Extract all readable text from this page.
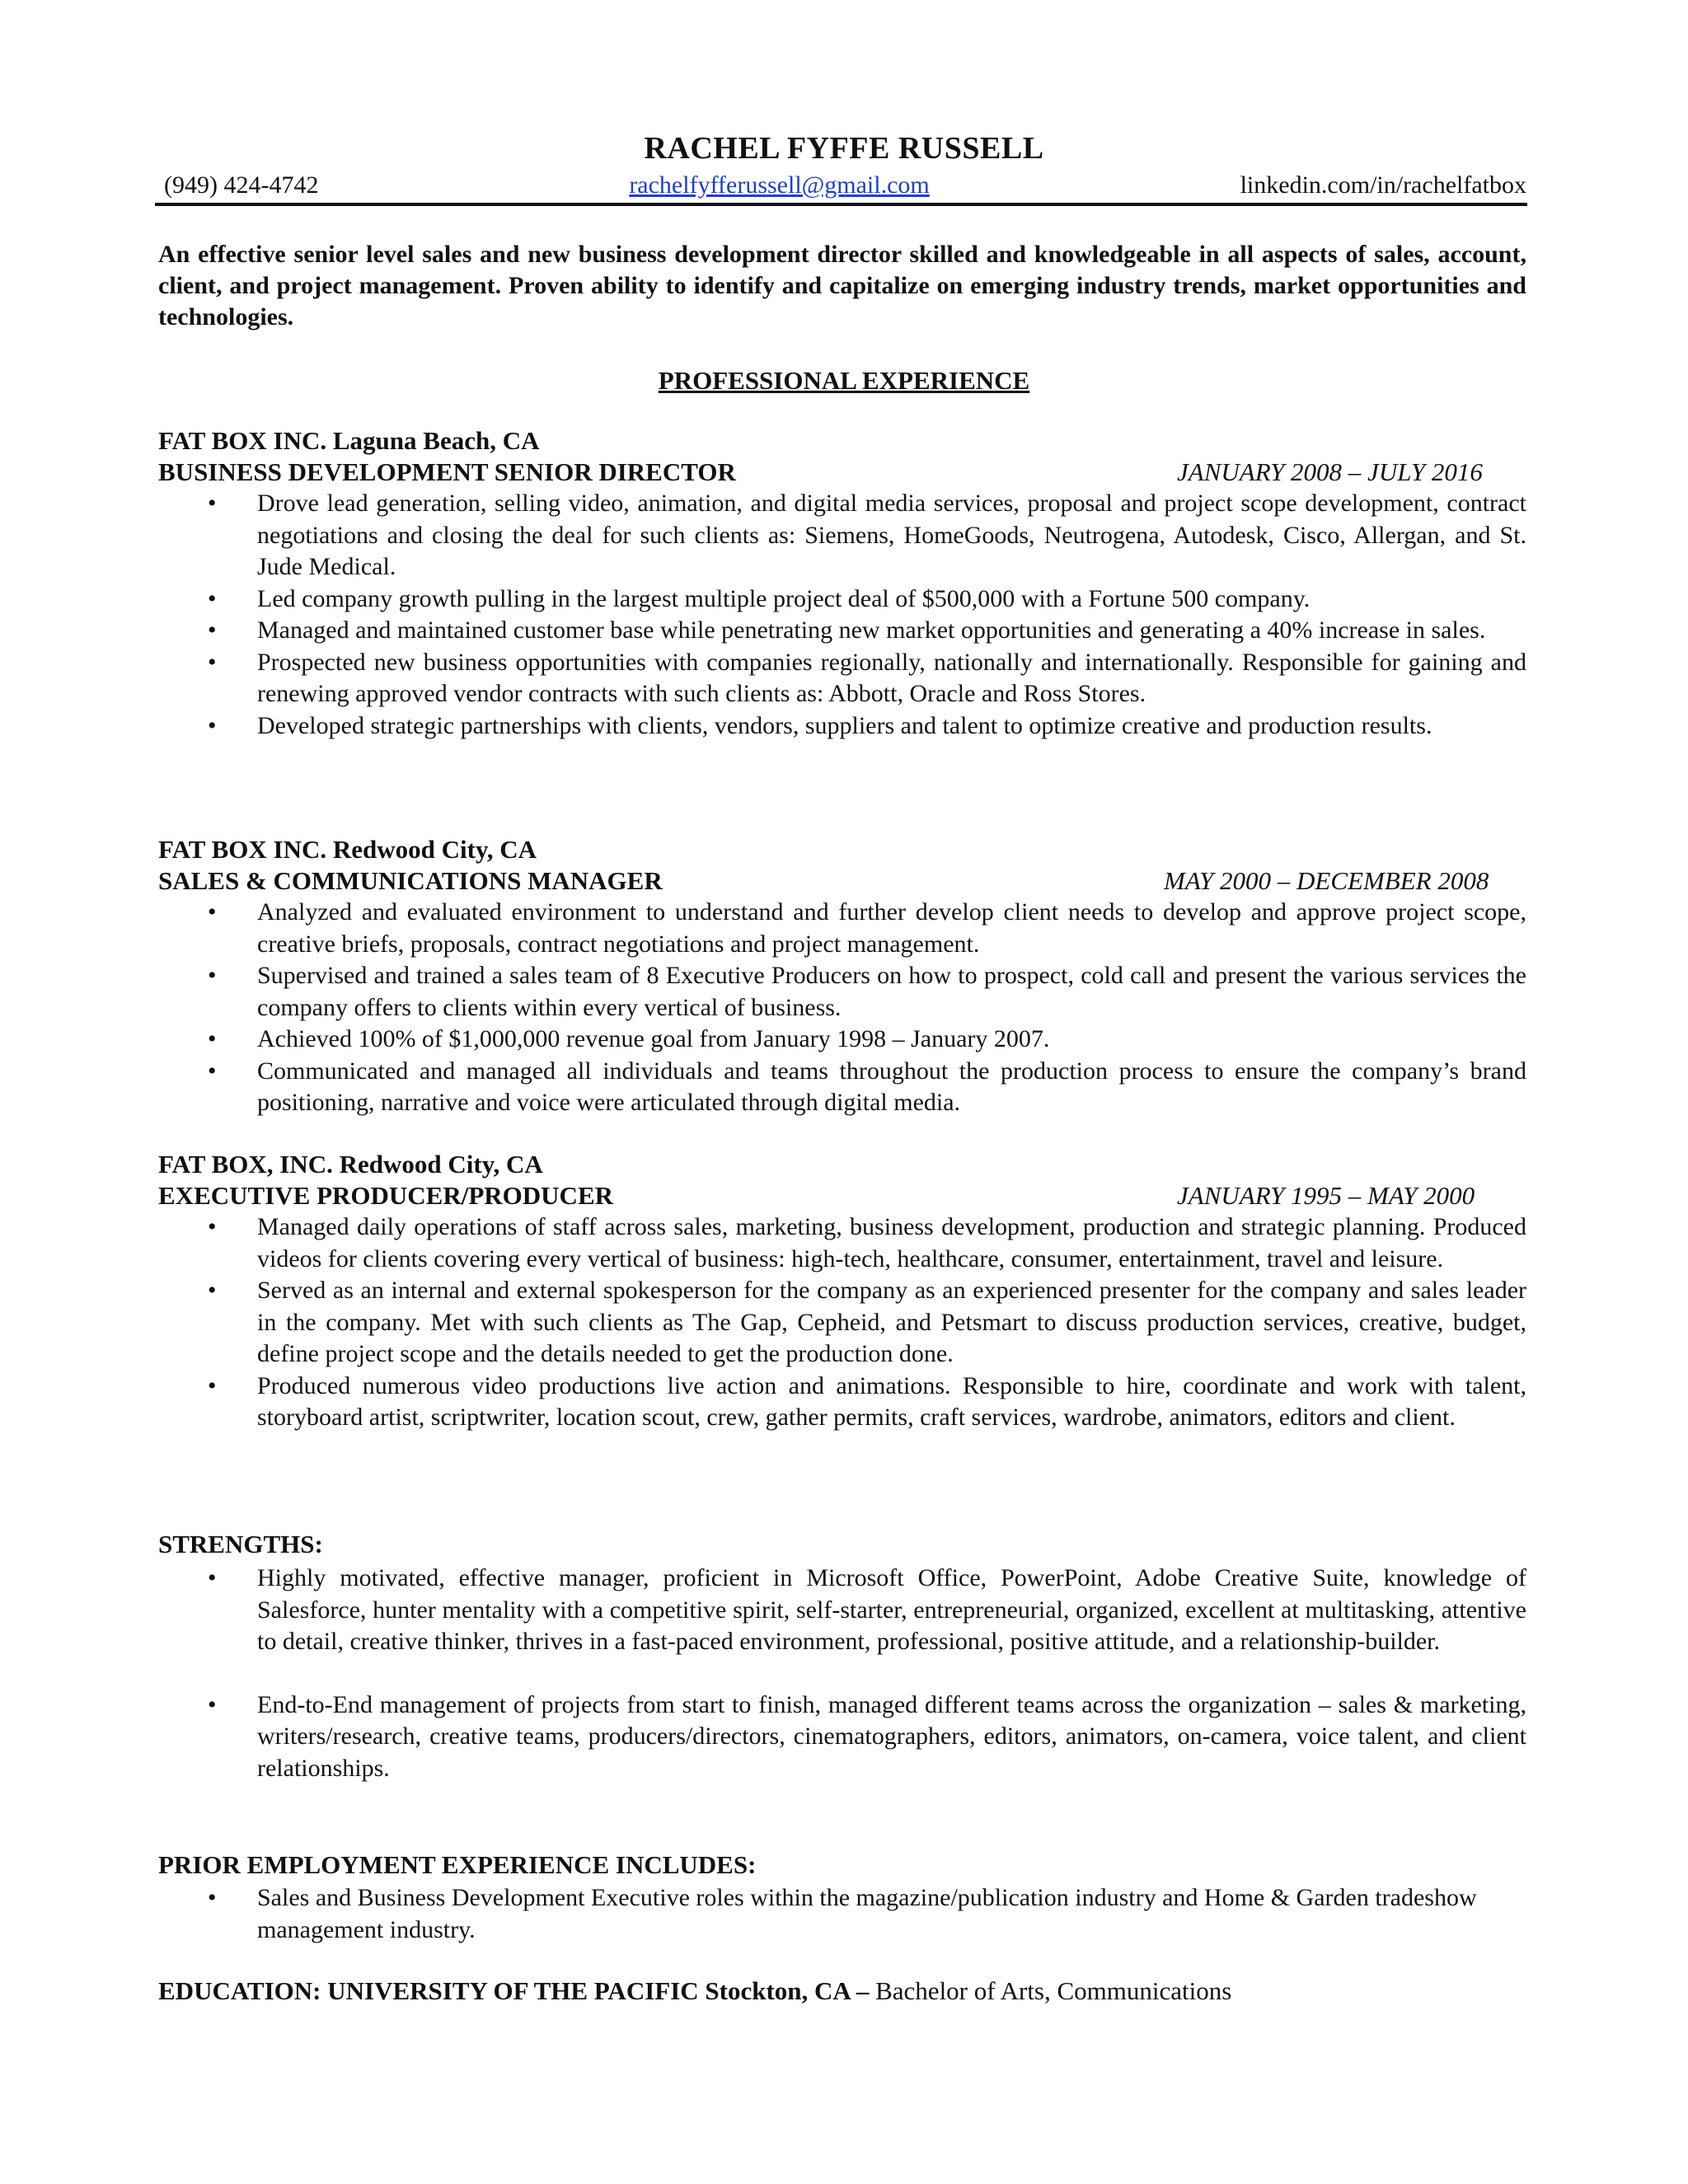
RACHEL FYFFE RUSSELL
(949) 424-4742	rachelfyfferussell@gmail.com	linkedin.com/in/rachelfatbox
An effective senior level sales and new business development director skilled and knowledgeable in all aspects of sales, account, client, and project management. Proven ability to identify and capitalize on emerging industry trends, market opportunities and technologies.
PROFESSIONAL EXPERIENCE
FAT BOX INC. Laguna Beach, CA
BUSINESS DEVELOPMENT SENIOR DIRECTOR	JANUARY 2008 – JULY 2016
• Drove lead generation, selling video, animation, and digital media services, proposal and project scope development, contract negotiations and closing the deal for such clients as: Siemens, HomeGoods, Neutrogena, Autodesk, Cisco, Allergan, and St. Jude Medical.
• Led company growth pulling in the largest multiple project deal of $500,000 with a Fortune 500 company.
• Managed and maintained customer base while penetrating new market opportunities and generating a 40% increase in sales.
• Prospected new business opportunities with companies regionally, nationally and internationally. Responsible for gaining and renewing approved vendor contracts with such clients as: Abbott, Oracle and Ross Stores.
• Developed strategic partnerships with clients, vendors, suppliers and talent to optimize creative and production results.
FAT BOX INC. Redwood City, CA
SALES & COMMUNICATIONS MANAGER	MAY 2000 – DECEMBER 2008
• Analyzed and evaluated environment to understand and further develop client needs to develop and approve project scope, creative briefs, proposals, contract negotiations and project management.
• Supervised and trained a sales team of 8 Executive Producers on how to prospect, cold call and present the various services the company offers to clients within every vertical of business.
• Achieved 100% of $1,000,000 revenue goal from January 1998 – January 2007.
• Communicated and managed all individuals and teams throughout the production process to ensure the company’s brand positioning, narrative and voice were articulated through digital media.
FAT BOX, INC. Redwood City, CA
EXECUTIVE PRODUCER/PRODUCER	JANUARY 1995 – MAY 2000
• Managed daily operations of staff across sales, marketing, business development, production and strategic planning. Produced videos for clients covering every vertical of business: high-tech, healthcare, consumer, entertainment, travel and leisure.
• Served as an internal and external spokesperson for the company as an experienced presenter for the company and sales leader in the company. Met with such clients as The Gap, Cepheid, and Petsmart to discuss production services, creative, budget, define project scope and the details needed to get the production done.
• Produced numerous video productions live action and animations. Responsible to hire, coordinate and work with talent, storyboard artist, scriptwriter, location scout, crew, gather permits, craft services, wardrobe, animators, editors and client.
STRENGTHS:
• Highly motivated, effective manager, proficient in Microsoft Office, PowerPoint, Adobe Creative Suite, knowledge of Salesforce, hunter mentality with a competitive spirit, self-starter, entrepreneurial, organized, excellent at multitasking, attentive to detail, creative thinker, thrives in a fast-paced environment, professional, positive attitude, and a relationship-builder.
• End-to-End management of projects from start to finish, managed different teams across the organization – sales & marketing, writers/research, creative teams, producers/directors, cinematographers, editors, animators, on-camera, voice talent, and client relationships.
PRIOR EMPLOYMENT EXPERIENCE INCLUDES:
• Sales and Business Development Executive roles within the magazine/publication industry and Home & Garden tradeshow management industry.
EDUCATION: UNIVERSITY OF THE PACIFIC Stockton, CA – Bachelor of Arts, Communications
